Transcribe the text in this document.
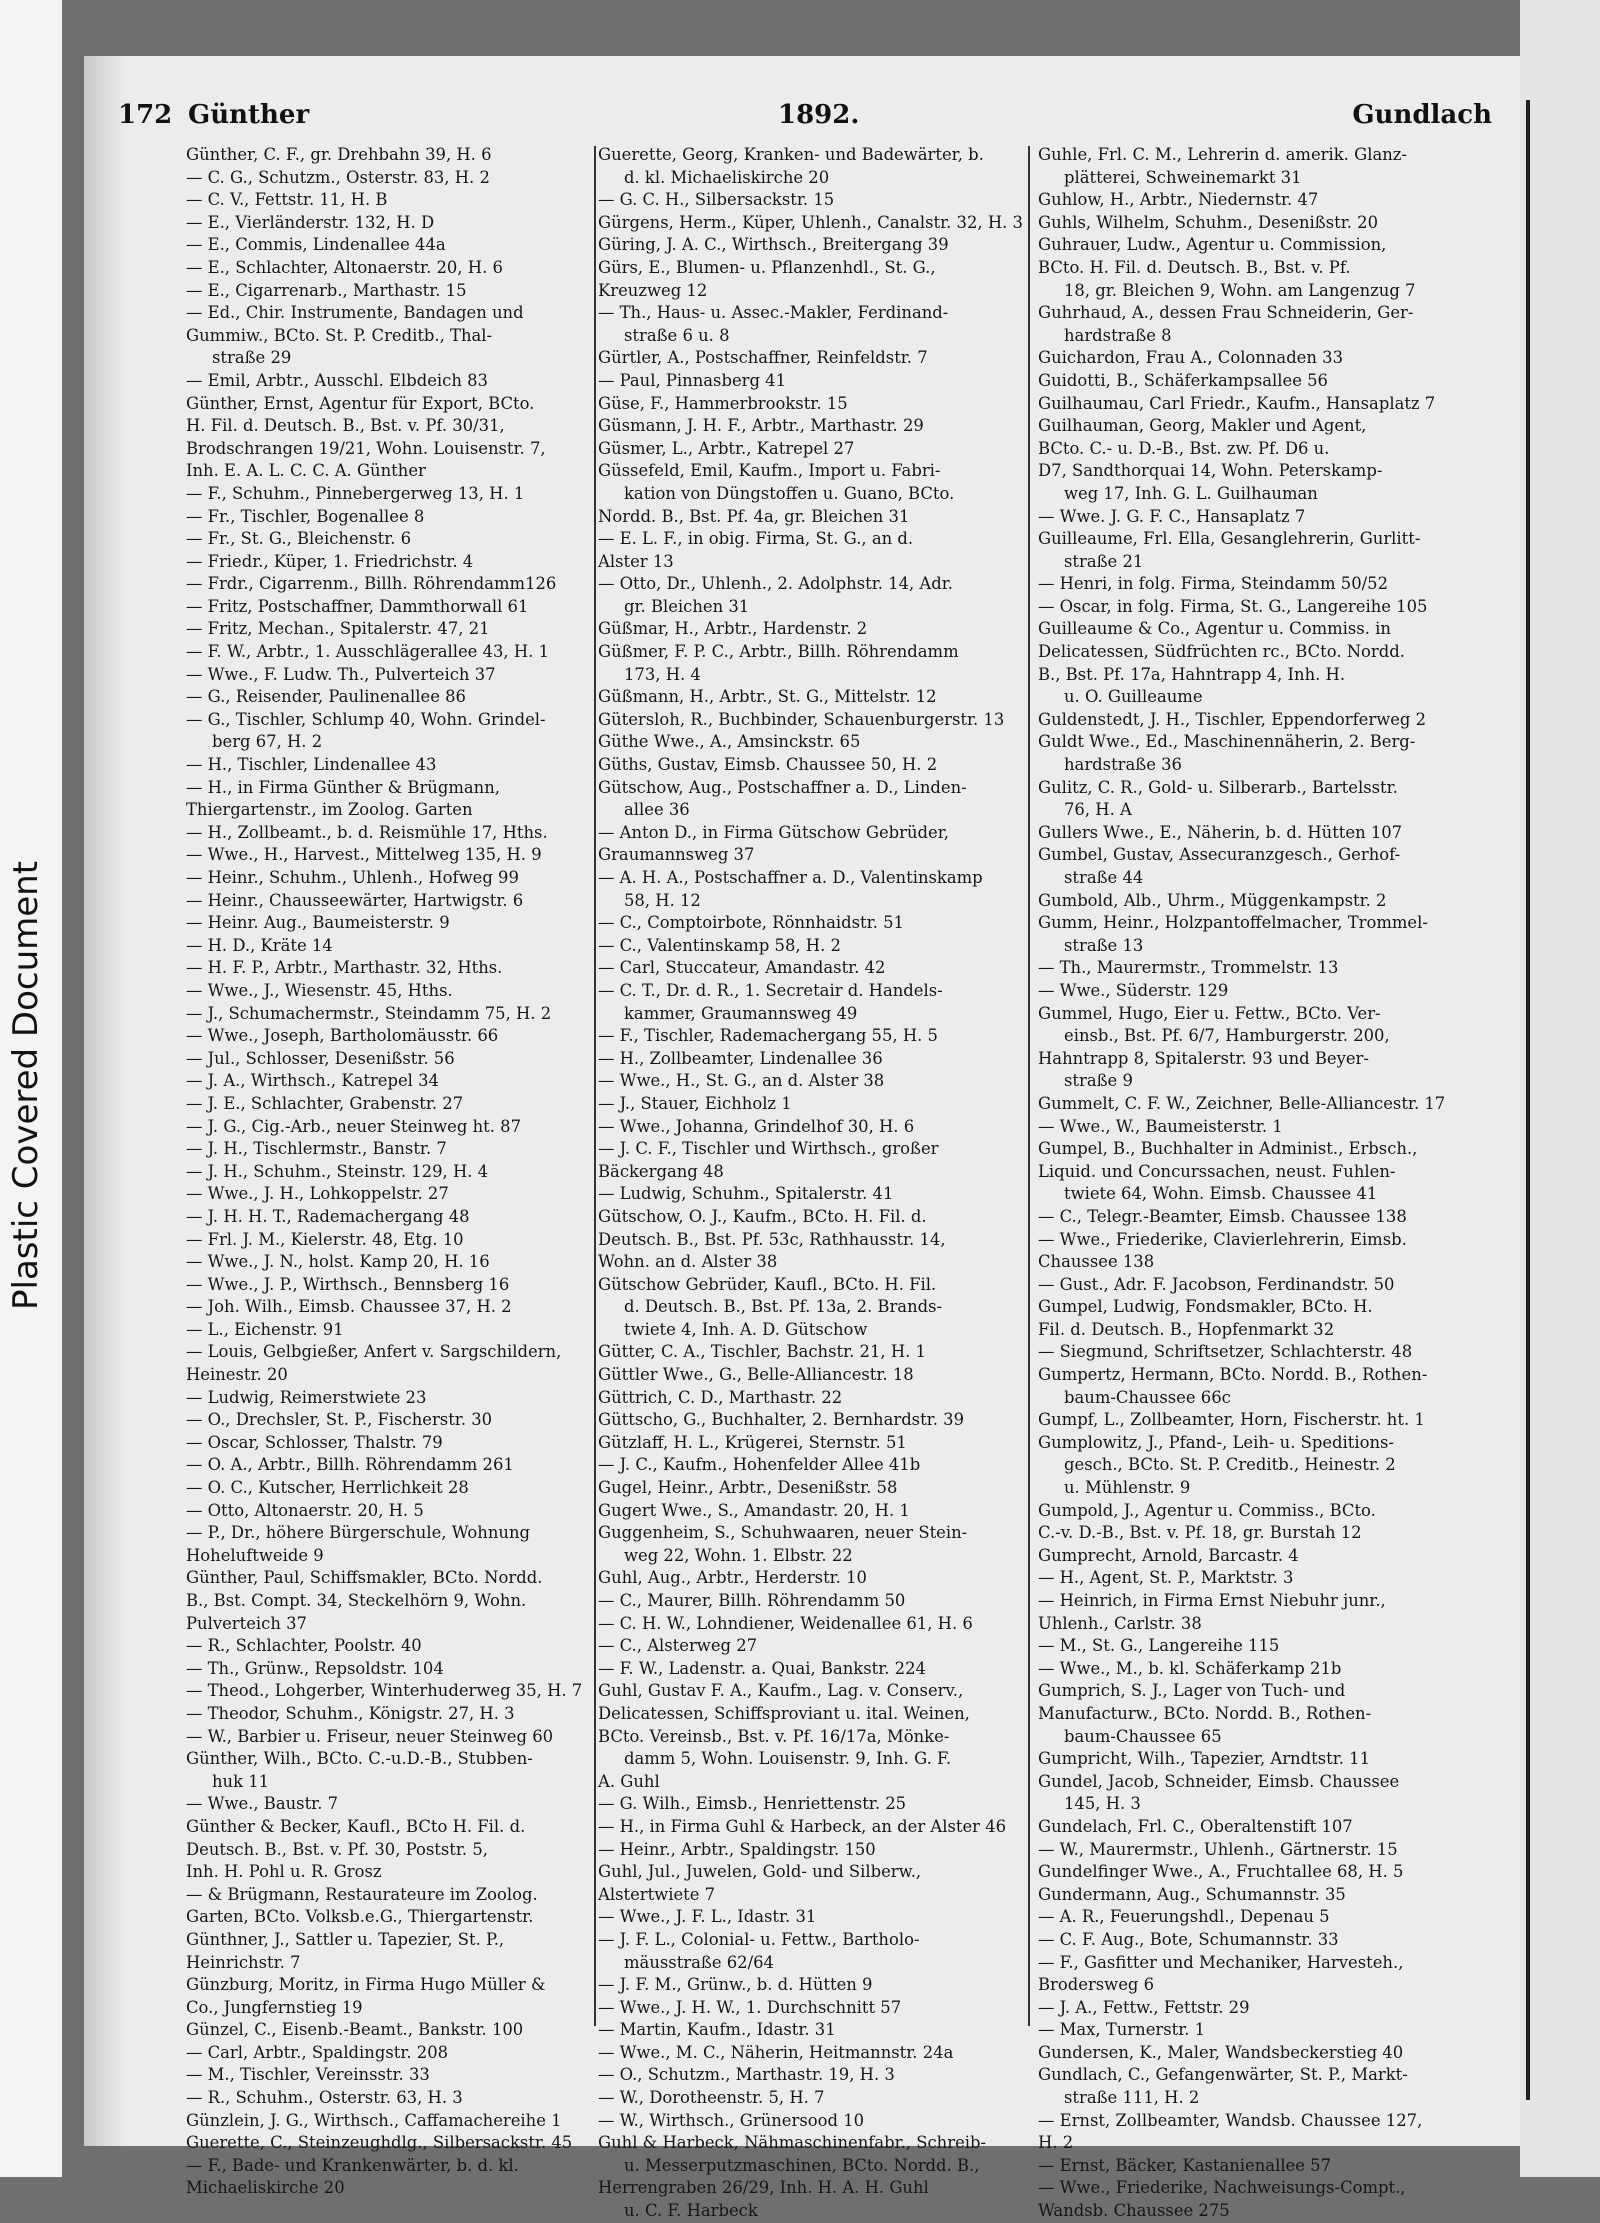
Plastic Covered Document
172 Günther	1892.	Gundlach
Günther, C. F., gr. Drehbahn 39, H. 6
— C. G., Schutzm., Osterstr. 83, H. 2
— C. V., Fettstr. 11, H. B
— E., Vierländerstr. 132, H. D
— E., Commis, Lindenallee 44a
— E., Schlachter, Altonaerstr. 20, H. 6
— E., Cigarrenarb., Marthastr. 15
— Ed., Chir. Instrumente, Bandagen und
Gummiw., BCto. St. P. Creditb., Thal-
straße 29
— Emil, Arbtr., Ausschl. Elbdeich 83
Günther, Ernst, Agentur für Export, BCto.
H. Fil. d. Deutsch. B., Bst. v. Pf. 30/31,
Brodschrangen 19/21, Wohn. Louisenstr. 7,
Inh. E. A. L. C. C. A. Günther
— F., Schuhm., Pinnebergerweg 13, H. 1
— Fr., Tischler, Bogenallee 8
— Fr., St. G., Bleichenstr. 6
— Friedr., Küper, 1. Friedrichstr. 4
— Frdr., Cigarrenm., Billh. Röhrendamm126
— Fritz, Postschaffner, Dammthorwall 61
— Fritz, Mechan., Spitalerstr. 47, 21
— F. W., Arbtr., 1. Ausschlägerallee 43, H. 1
— Wwe., F. Ludw. Th., Pulverteich 37
— G., Reisender, Paulinenallee 86
— G., Tischler, Schlump 40, Wohn. Grindel-
berg 67, H. 2
— H., Tischler, Lindenallee 43
— H., in Firma Günther & Brügmann,
Thiergartenstr., im Zoolog. Garten
— H., Zollbeamt., b. d. Reismühle 17, Hths.
— Wwe., H., Harvest., Mittelweg 135, H. 9
— Heinr., Schuhm., Uhlenh., Hofweg 99
— Heinr., Chausseewärter, Hartwigstr. 6
— Heinr. Aug., Baumeisterstr. 9
— H. D., Kräte 14
— H. F. P., Arbtr., Marthastr. 32, Hths.
— Wwe., J., Wiesenstr. 45, Hths.
— J., Schumachermstr., Steindamm 75, H. 2
— Wwe., Joseph, Bartholomäusstr. 66
— Jul., Schlosser, Desenißstr. 56
— J. A., Wirthsch., Katrepel 34
— J. E., Schlachter, Grabenstr. 27
— J. G., Cig.-Arb., neuer Steinweg ht. 87
— J. H., Tischlermstr., Banstr. 7
— J. H., Schuhm., Steinstr. 129, H. 4
— Wwe., J. H., Lohkoppelstr. 27
— J. H. H. T., Rademachergang 48
— Frl. J. M., Kielerstr. 48, Etg. 10
— Wwe., J. N., holst. Kamp 20, H. 16
— Wwe., J. P., Wirthsch., Bennsberg 16
— Joh. Wilh., Eimsb. Chaussee 37, H. 2
— L., Eichenstr. 91
— Louis, Gelbgießer, Anfert v. Sargschildern,
Heinestr. 20
— Ludwig, Reimerstwiete 23
— O., Drechsler, St. P., Fischerstr. 30
— Oscar, Schlosser, Thalstr. 79
— O. A., Arbtr., Billh. Röhrendamm 261
— O. C., Kutscher, Herrlichkeit 28
— Otto, Altonaerstr. 20, H. 5
— P., Dr., höhere Bürgerschule, Wohnung
Hoheluftweide 9
Günther, Paul, Schiffsmakler, BCto. Nordd.
B., Bst. Compt. 34, Steckelhörn 9, Wohn.
Pulverteich 37
— R., Schlachter, Poolstr. 40
— Th., Grünw., Repsoldstr. 104
— Theod., Lohgerber, Winterhuderweg 35, H. 7
— Theodor, Schuhm., Königstr. 27, H. 3
— W., Barbier u. Friseur, neuer Steinweg 60
Günther, Wilh., BCto. C.-u.D.-B., Stubben-
huk 11
— Wwe., Baustr. 7
Günther & Becker, Kaufl., BCto H. Fil. d.
Deutsch. B., Bst. v. Pf. 30, Poststr. 5,
Inh. H. Pohl u. R. Grosz
— & Brügmann, Restaurateure im Zoolog.
Garten, BCto. Volksb.e.G., Thiergartenstr.
Günthner, J., Sattler u. Tapezier, St. P.,
Heinrichstr. 7
Günzburg, Moritz, in Firma Hugo Müller &
Co., Jungfernstieg 19
Günzel, C., Eisenb.-Beamt., Bankstr. 100
— Carl, Arbtr., Spaldingstr. 208
— M., Tischler, Vereinsstr. 33
— R., Schuhm., Osterstr. 63, H. 3
Günzlein, J. G., Wirthsch., Caffamachereihe 1
Guerette, C., Steinzeughdlg., Silbersackstr. 45
— F., Bade- und Krankenwärter, b. d. kl.
Michaeliskirche 20
Guerette, Georg, Kranken- und Badewärter, b.
d. kl. Michaeliskirche 20
— G. C. H., Silbersackstr. 15
Gürgens, Herm., Küper, Uhlenh., Canalstr. 32, H. 3
Güring, J. A. C., Wirthsch., Breitergang 39
Gürs, E., Blumen- u. Pflanzenhdl., St. G.,
Kreuzweg 12
— Th., Haus- u. Assec.-Makler, Ferdinand-
straße 6 u. 8
Gürtler, A., Postschaffner, Reinfeldstr. 7
— Paul, Pinnasberg 41
Güse, F., Hammerbrookstr. 15
Güsmann, J. H. F., Arbtr., Marthastr. 29
Güsmer, L., Arbtr., Katrepel 27
Güssefeld, Emil, Kaufm., Import u. Fabri-
kation von Düngstoffen u. Guano, BCto.
Nordd. B., Bst. Pf. 4a, gr. Bleichen 31
— E. L. F., in obig. Firma, St. G., an d.
Alster 13
— Otto, Dr., Uhlenh., 2. Adolphstr. 14, Adr.
gr. Bleichen 31
Güßmar, H., Arbtr., Hardenstr. 2
Güßmer, F. P. C., Arbtr., Billh. Röhrendamm
173, H. 4
Güßmann, H., Arbtr., St. G., Mittelstr. 12
Gütersloh, R., Buchbinder, Schauenburgerstr. 13
Güthe Wwe., A., Amsinckstr. 65
Güths, Gustav, Eimsb. Chaussee 50, H. 2
Gütschow, Aug., Postschaffner a. D., Linden-
allee 36
— Anton D., in Firma Gütschow Gebrüder,
Graumannsweg 37
— A. H. A., Postschaffner a. D., Valentinskamp
58, H. 12
— C., Comptoirbote, Rönnhaidstr. 51
— C., Valentinskamp 58, H. 2
— Carl, Stuccateur, Amandastr. 42
— C. T., Dr. d. R., 1. Secretair d. Handels-
kammer, Graumannsweg 49
— F., Tischler, Rademachergang 55, H. 5
— H., Zollbeamter, Lindenallee 36
— Wwe., H., St. G., an d. Alster 38
— J., Stauer, Eichholz 1
— Wwe., Johanna, Grindelhof 30, H. 6
— J. C. F., Tischler und Wirthsch., großer
Bäckergang 48
— Ludwig, Schuhm., Spitalerstr. 41
Gütschow, O. J., Kaufm., BCto. H. Fil. d.
Deutsch. B., Bst. Pf. 53c, Rathhausstr. 14,
Wohn. an d. Alster 38
Gütschow Gebrüder, Kaufl., BCto. H. Fil.
d. Deutsch. B., Bst. Pf. 13a, 2. Brands-
twiete 4, Inh. A. D. Gütschow
Gütter, C. A., Tischler, Bachstr. 21, H. 1
Güttler Wwe., G., Belle-Alliancestr. 18
Güttrich, C. D., Marthastr. 22
Güttscho, G., Buchhalter, 2. Bernhardstr. 39
Gützlaff, H. L., Krügerei, Sternstr. 51
— J. C., Kaufm., Hohenfelder Allee 41b
Gugel, Heinr., Arbtr., Desenißstr. 58
Gugert Wwe., S., Amandastr. 20, H. 1
Guggenheim, S., Schuhwaaren, neuer Stein-
weg 22, Wohn. 1. Elbstr. 22
Guhl, Aug., Arbtr., Herderstr. 10
— C., Maurer, Billh. Röhrendamm 50
— C. H. W., Lohndiener, Weidenallee 61, H. 6
— C., Alsterweg 27
— F. W., Ladenstr. a. Quai, Bankstr. 224
Guhl, Gustav F. A., Kaufm., Lag. v. Conserv.,
Delicatessen, Schiffsproviant u. ital. Weinen,
BCto. Vereinsb., Bst. v. Pf. 16/17a, Mönke-
damm 5, Wohn. Louisenstr. 9, Inh. G. F.
A. Guhl
— G. Wilh., Eimsb., Henriettenstr. 25
— H., in Firma Guhl & Harbeck, an der Alster 46
— Heinr., Arbtr., Spaldingstr. 150
Guhl, Jul., Juwelen, Gold- und Silberw.,
Alstertwiete 7
— Wwe., J. F. L., Idastr. 31
— J. F. L., Colonial- u. Fettw., Bartholo-
mäusstraße 62/64
— J. F. M., Grünw., b. d. Hütten 9
— Wwe., J. H. W., 1. Durchschnitt 57
— Martin, Kaufm., Idastr. 31
— Wwe., M. C., Näherin, Heitmannstr. 24a
— O., Schutzm., Marthastr. 19, H. 3
— W., Dorotheenstr. 5, H. 7
— W., Wirthsch., Grünersood 10
Guhl & Harbeck, Nähmaschinenfabr., Schreib-
u. Messerputzmaschinen, BCto. Nordd. B.,
Herrengraben 26/29, Inh. H. A. H. Guhl
u. C. F. Harbeck
Guhle, Frl. C. M., Lehrerin d. amerik. Glanz-
plätterei, Schweinemarkt 31
Guhlow, H., Arbtr., Niedernstr. 47
Guhls, Wilhelm, Schuhm., Desenißstr. 20
Guhrauer, Ludw., Agentur u. Commission,
BCto. H. Fil. d. Deutsch. B., Bst. v. Pf.
18, gr. Bleichen 9, Wohn. am Langenzug 7
Guhrhaud, A., dessen Frau Schneiderin, Ger-
hardstraße 8
Guichardon, Frau A., Colonnaden 33
Guidotti, B., Schäferkampsallee 56
Guilhaumau, Carl Friedr., Kaufm., Hansaplatz 7
Guilhauman, Georg, Makler und Agent,
BCto. C.- u. D.-B., Bst. zw. Pf. D6 u.
D7, Sandthorquai 14, Wohn. Peterskamp-
weg 17, Inh. G. L. Guilhauman
— Wwe. J. G. F. C., Hansaplatz 7
Guilleaume, Frl. Ella, Gesanglehrerin, Gurlitt-
straße 21
— Henri, in folg. Firma, Steindamm 50/52
— Oscar, in folg. Firma, St. G., Langereihe 105
Guilleaume & Co., Agentur u. Commiss. in
Delicatessen, Südfrüchten rc., BCto. Nordd.
B., Bst. Pf. 17a, Hahntrapp 4, Inh. H.
u. O. Guilleaume
Guldenstedt, J. H., Tischler, Eppendorferweg 2
Guldt Wwe., Ed., Maschinennäherin, 2. Berg-
hardstraße 36
Gulitz, C. R., Gold- u. Silberarb., Bartelsstr.
76, H. A
Gullers Wwe., E., Näherin, b. d. Hütten 107
Gumbel, Gustav, Assecuranzgesch., Gerhof-
straße 44
Gumbold, Alb., Uhrm., Müggenkampstr. 2
Gumm, Heinr., Holzpantoffelmacher, Trommel-
straße 13
— Th., Maurermstr., Trommelstr. 13
— Wwe., Süderstr. 129
Gummel, Hugo, Eier u. Fettw., BCto. Ver-
einsb., Bst. Pf. 6/7, Hamburgerstr. 200,
Hahntrapp 8, Spitalerstr. 93 und Beyer-
straße 9
Gummelt, C. F. W., Zeichner, Belle-Alliancestr. 17
— Wwe., W., Baumeisterstr. 1
Gumpel, B., Buchhalter in Administ., Erbsch.,
Liquid. und Concurssachen, neust. Fuhlen-
twiete 64, Wohn. Eimsb. Chaussee 41
— C., Telegr.-Beamter, Eimsb. Chaussee 138
— Wwe., Friederike, Clavierlehrerin, Eimsb.
Chaussee 138
— Gust., Adr. F. Jacobson, Ferdinandstr. 50
Gumpel, Ludwig, Fondsmakler, BCto. H.
Fil. d. Deutsch. B., Hopfenmarkt 32
— Siegmund, Schriftsetzer, Schlachterstr. 48
Gumpertz, Hermann, BCto. Nordd. B., Rothen-
baum-Chaussee 66c
Gumpf, L., Zollbeamter, Horn, Fischerstr. ht. 1
Gumplowitz, J., Pfand-, Leih- u. Speditions-
gesch., BCto. St. P. Creditb., Heinestr. 2
u. Mühlenstr. 9
Gumpold, J., Agentur u. Commiss., BCto.
C.-v. D.-B., Bst. v. Pf. 18, gr. Burstah 12
Gumprecht, Arnold, Barcastr. 4
— H., Agent, St. P., Marktstr. 3
— Heinrich, in Firma Ernst Niebuhr junr.,
Uhlenh., Carlstr. 38
— M., St. G., Langereihe 115
— Wwe., M., b. kl. Schäferkamp 21b
Gumprich, S. J., Lager von Tuch- und
Manufacturw., BCto. Nordd. B., Rothen-
baum-Chaussee 65
Gumpricht, Wilh., Tapezier, Arndtstr. 11
Gundel, Jacob, Schneider, Eimsb. Chaussee
145, H. 3
Gundelach, Frl. C., Oberaltenstift 107
— W., Maurermstr., Uhlenh., Gärtnerstr. 15
Gundelfinger Wwe., A., Fruchtallee 68, H. 5
Gundermann, Aug., Schumannstr. 35
— A. R., Feuerungshdl., Depenau 5
— C. F. Aug., Bote, Schumannstr. 33
— F., Gasfitter und Mechaniker, Harvesteh.,
Brodersweg 6
— J. A., Fettw., Fettstr. 29
— Max, Turnerstr. 1
Gundersen, K., Maler, Wandsbeckerstieg 40
Gundlach, C., Gefangenwärter, St. P., Markt-
straße 111, H. 2
— Ernst, Zollbeamter, Wandsb. Chaussee 127,
H. 2
— Ernst, Bäcker, Kastanienallee 57
— Wwe., Friederike, Nachweisungs-Compt.,
Wandsb. Chaussee 275
